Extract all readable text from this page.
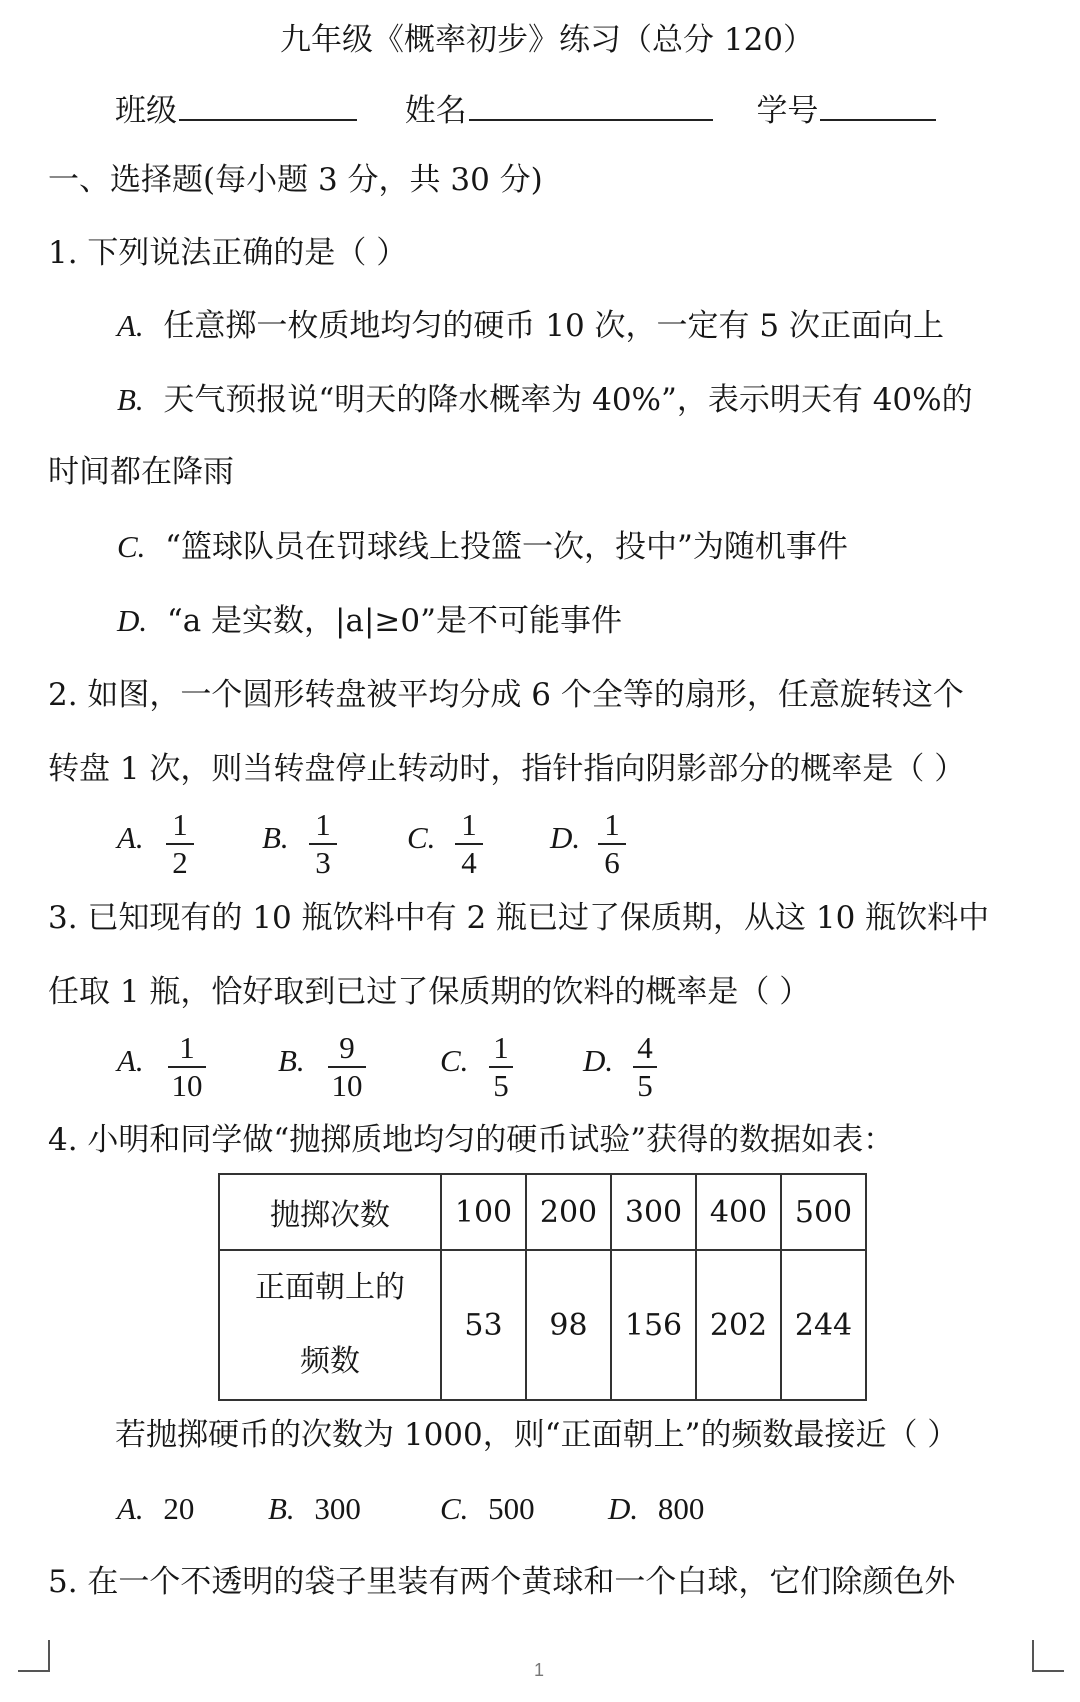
九年级《概率初步》练习（总分 120）
班级	姓名	学号
一、选择题(每小题 3 分，共 30 分)
1. 下列说法正确的是（ ）
A. 任意掷一枚质地均匀的硬币 10 次，一定有 5 次正面向上
B. 天气预报说“明天的降水概率为 40%”，表示明天有 40%的
时间都在降雨
C. “篮球队员在罚球线上投篮一次，投中”为随机事件
D. “a 是实数，|a|≥0”是不可能事件
2. 如图，一个圆形转盘被平均分成 6 个全等的扇形，任意旋转这个
转盘 1 次，则当转盘停止转动时，指针指向阴影部分的概率是（ ）
A. 1
2
B. 1
3
C. 1
4
D. 1
6
3. 已知现有的 10 瓶饮料中有 2 瓶已过了保质期，从这 10 瓶饮料中
任取 1 瓶，恰好取到已过了保质期的饮料的概率是（ ）
A.	1
10
B.	9
10
C. 1
5
D. 4
5
4. 小明和同学做“抛掷质地均匀的硬币试验”获得的数据如表：
抛掷次数	100	200	300	400	500

正面朝上的
频数	53	98	156	202	244
若抛掷硬币的次数为 1000，则“正面朝上”的频数最接近（ ）
A. 20 B. 300	C. 500 D. 800
5. 在一个不透明的袋子里装有两个黄球和一个白球，它们除颜色外
1
